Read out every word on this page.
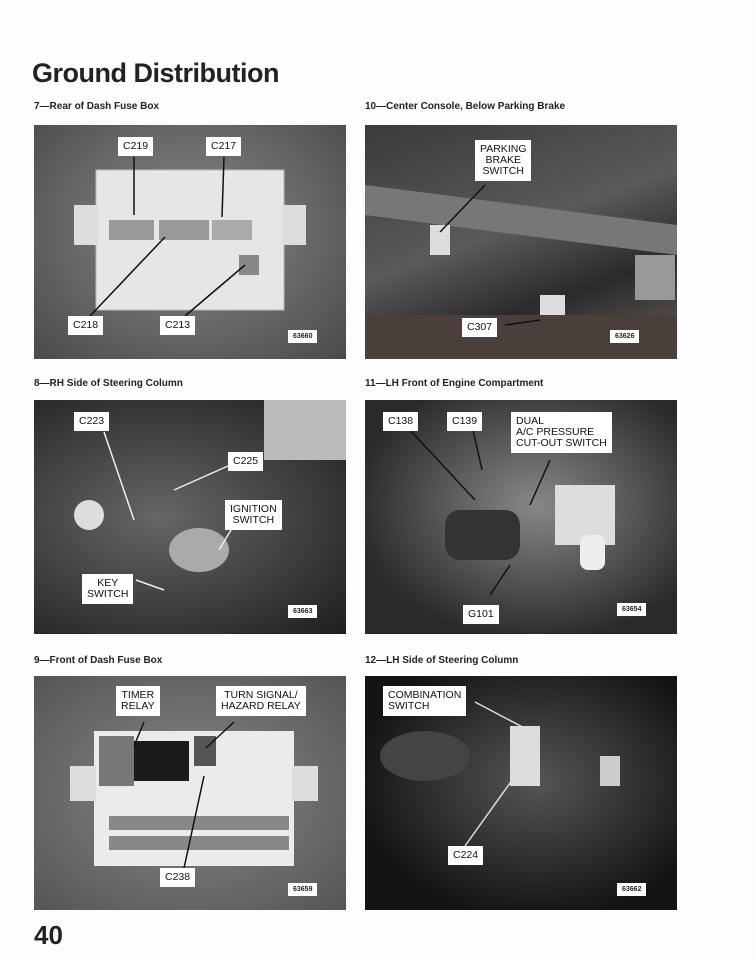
Ground Distribution
7—Rear of Dash Fuse Box	10—Center Console, Below Parking Brake
8—RH Side of Steering Column	11—LH Front of Engine Compartment
9—Front of Dash Fuse Box	12—LH Side of Steering Column
C219	C217
C218	C213
63660
PARKING
BRAKE
SWITCH
C307
63626
C223
C225
IGNITION
SWITCH
KEY
SWITCH
63663
C138	C139	DUAL
A/C PRESSURE
CUT-OUT SWITCH
G101	63654
TIMER
RELAY
TURN SIGNAL/
HAZARD RELAY
C238
63659
COMBINATION
SWITCH
C224
63662
40
